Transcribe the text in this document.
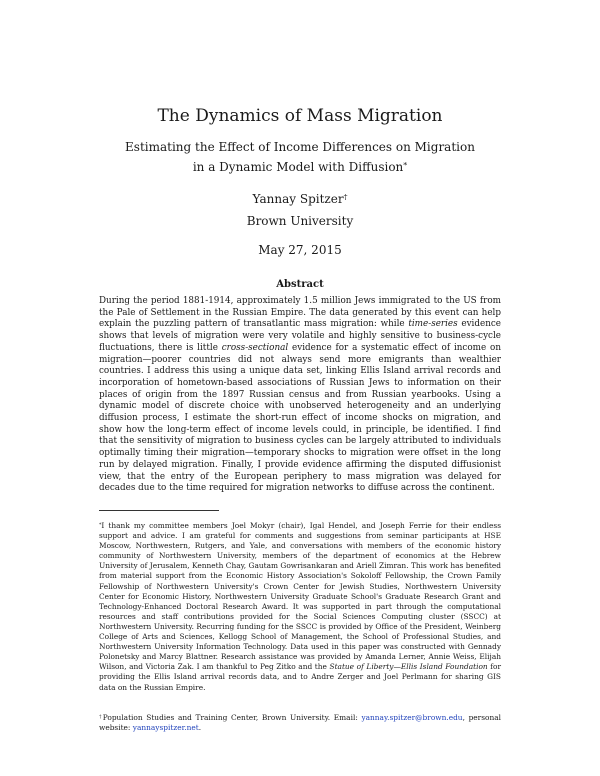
The Dynamics of Mass Migration

Estimating the Effect of Income Differences on Migration

in a Dynamic Model with Diffusion*

Yannay Spitzer†

Brown University

May 27, 2015

Abstract

During the period 1881-1914, approximately 1.5 million Jews immigrated to the US from the Pale of Settlement in the Russian Empire. The data generated by this event can help explain the puzzling pattern of transatlantic mass migration: while time-series evidence shows that levels of migration were very volatile and highly sensitive to business-cycle fluctuations, there is little cross-sectional evidence for a systematic effect of income on migration—poorer countries did not always send more emigrants than wealthier countries. I address this using a unique data set, linking Ellis Island arrival records and incorporation of hometown-based associations of Russian Jews to information on their places of origin from the 1897 Russian census and from Russian yearbooks. Using a dynamic model of discrete choice with unobserved heterogeneity and an underlying diffusion process, I estimate the short-run effect of income shocks on migration, and show how the long-term effect of income levels could, in principle, be identified. I find that the sensitivity of migration to business cycles can be largely attributed to individuals optimally timing their migration—temporary shocks to migration were offset in the long run by delayed migration. Finally, I provide evidence affirming the disputed diffusionist view, that the entry of the European periphery to mass migration was delayed for decades due to the time required for migration networks to diffuse across the continent.

*I thank my committee members Joel Mokyr (chair), Igal Hendel, and Joseph Ferrie for their endless support and advice. I am grateful for comments and suggestions from seminar participants at HSE Moscow, Northwestern, Rutgers, and Yale, and conversations with members of the economic history community of Northwestern University, members of the department of economics at the Hebrew University of Jerusalem, Kenneth Chay, Gautam Gowrisankaran and Ariell Zimran. This work has benefited from material support from the Economic History Association's Sokoloff Fellowship, the Crown Family Fellowship of Northwestern University's Crown Center for Jewish Studies, Northwestern University Center for Economic History, Northwestern University Graduate School's Graduate Research Grant and Technology-Enhanced Doctoral Research Award. It was supported in part through the computational resources and staff contributions provided for the Social Sciences Computing cluster (SSCC) at Northwestern University. Recurring funding for the SSCC is provided by Office of the President, Weinberg College of Arts and Sciences, Kellogg School of Management, the School of Professional Studies, and Northwestern University Information Technology. Data used in this paper was constructed with Gennady Polonetsky and Marcy Blattner. Research assistance was provided by Amanda Lerner, Annie Weiss, Elijah Wilson, and Victoria Zak. I am thankful to Peg Zitko and the Statue of Liberty—Ellis Island Foundation for providing the Ellis Island arrival records data, and to Andre Zerger and Joel Perlmann for sharing GIS data on the Russian Empire.

†Population Studies and Training Center, Brown University. Email: yannay.spitzer@brown.edu, personal website: yannayspitzer.net.
